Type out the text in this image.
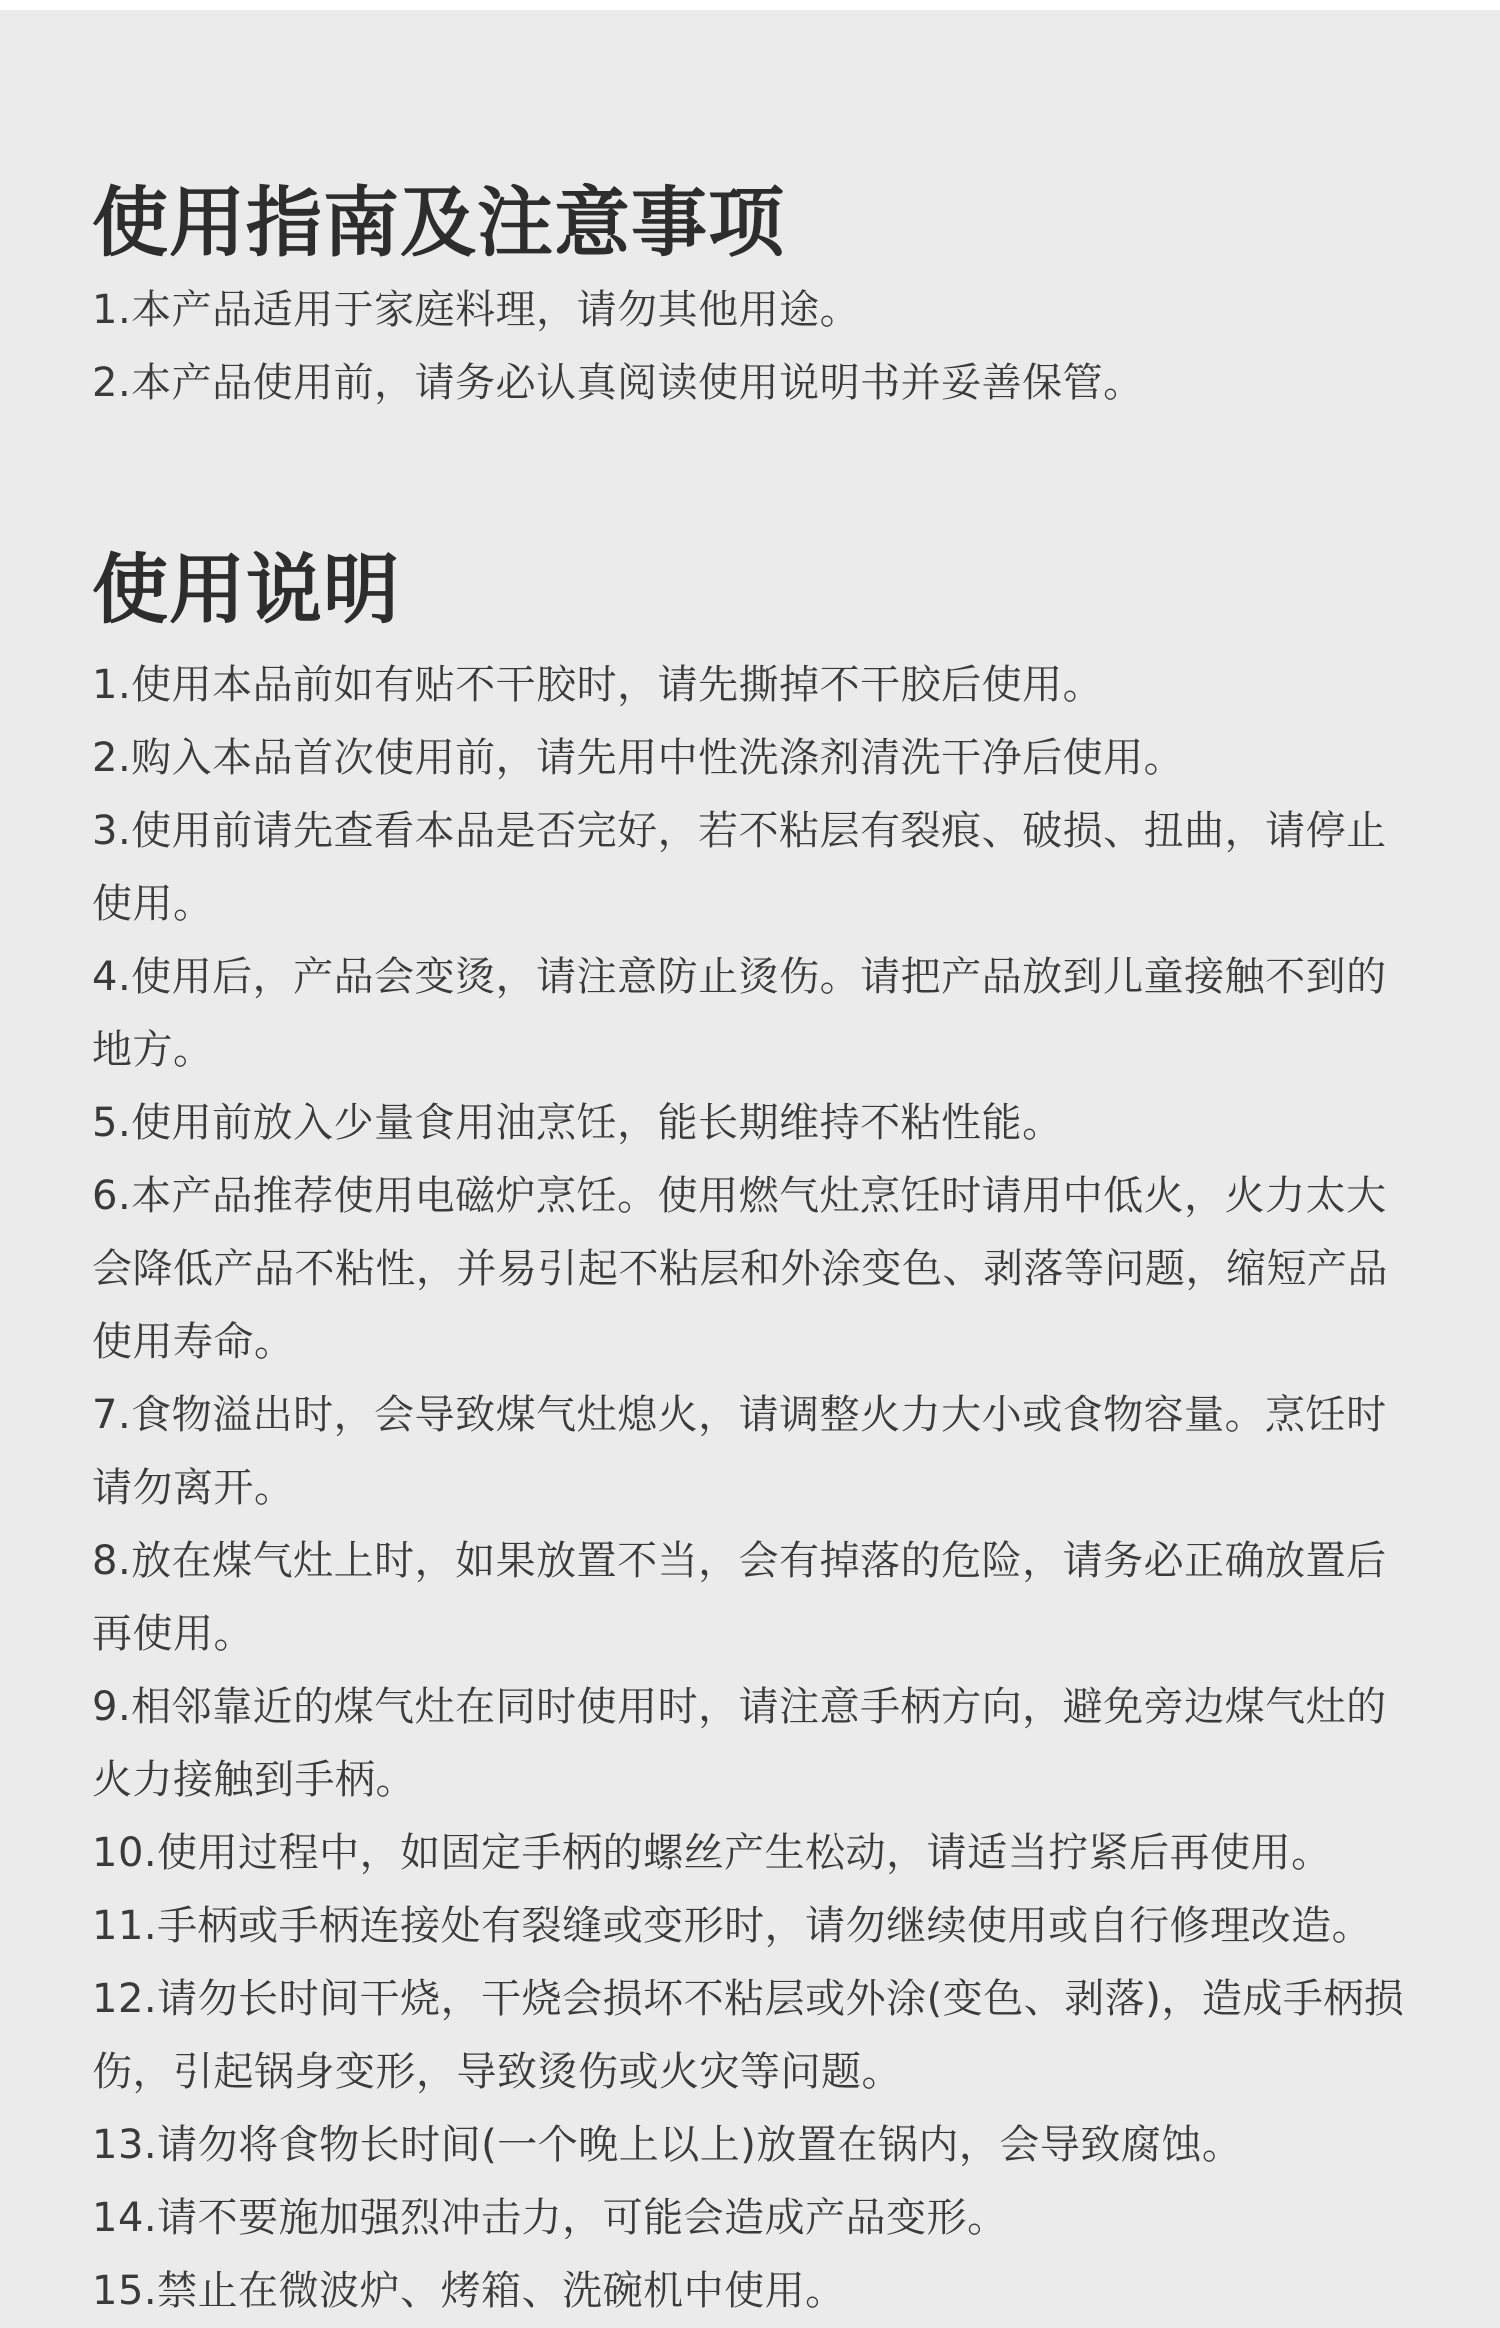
使用指南及注意事项
1.本产品适用于家庭料理，请勿其他用途。
2.本产品使用前，请务必认真阅读使用说明书并妥善保管。
使用说明
1.使用本品前如有贴不干胶时，请先撕掉不干胶后使用。
2.购入本品首次使用前，请先用中性洗涤剂清洗干净后使用。
3.使用前请先查看本品是否完好，若不粘层有裂痕、破损、扭曲，请停止使用。
4.使用后，产品会变烫，请注意防止烫伤。请把产品放到儿童接触不到的地方。
5.使用前放入少量食用油烹饪，能长期维持不粘性能。
6.本产品推荐使用电磁炉烹饪。使用燃气灶烹饪时请用中低火，火力太大会降低产品不粘性，并易引起不粘层和外涂变色、剥落等问题，缩短产品使用寿命。
7.食物溢出时，会导致煤气灶熄火，请调整火力大小或食物容量。烹饪时请勿离开。
8.放在煤气灶上时，如果放置不当，会有掉落的危险，请务必正确放置后再使用。
9.相邻靠近的煤气灶在同时使用时，请注意手柄方向，避免旁边煤气灶的火力接触到手柄。
10.使用过程中，如固定手柄的螺丝产生松动，请适当拧紧后再使用。
11.手柄或手柄连接处有裂缝或变形时，请勿继续使用或自行修理改造。
12.请勿长时间干烧，干烧会损坏不粘层或外涂(变色、剥落)，造成手柄损伤，引起锅身变形，导致烫伤或火灾等问题。
13.请勿将食物长时间(一个晚上以上)放置在锅内，会导致腐蚀。
14.请不要施加强烈冲击力，可能会造成产品变形。
15.禁止在微波炉、烤箱、洗碗机中使用。
